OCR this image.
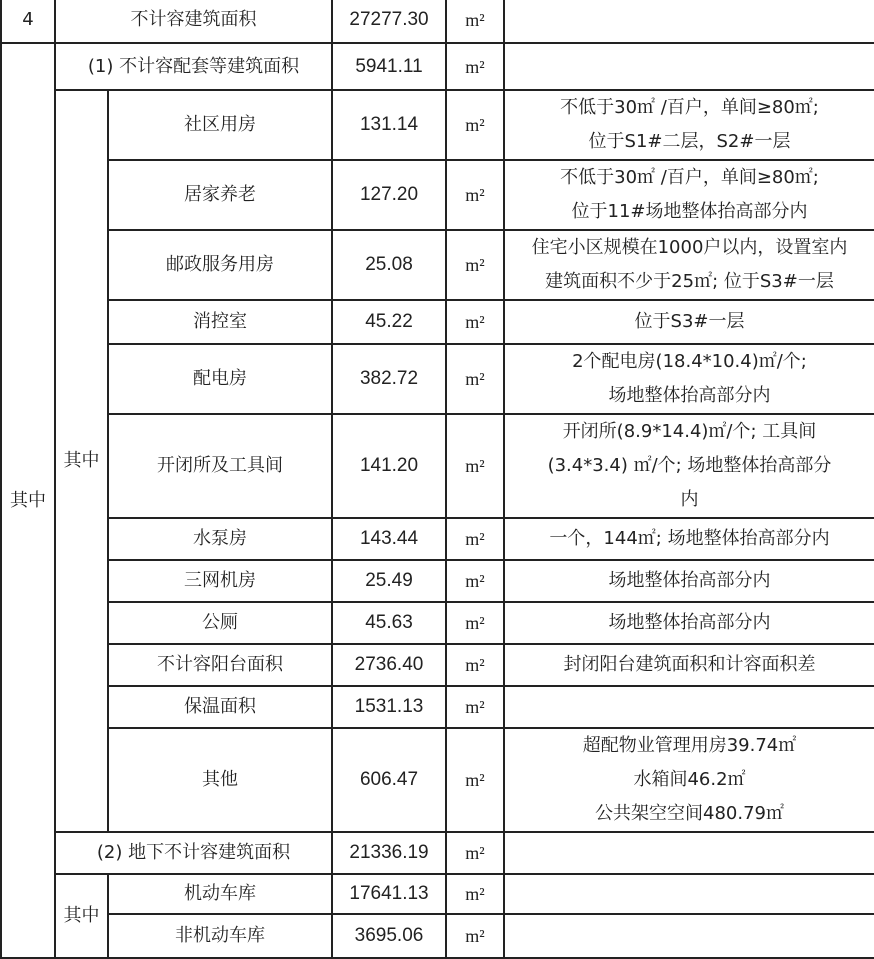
4	不计容建筑面积		27277.30	m²	
其中	(1) 不计容配套等建筑面积		5941.11	m²	
	其中	社区用房	131.14	m²	不低于30㎡ /百户，单间≥80㎡;
位于S1#二层，S2#一层

		居家养老	127.20	m²	不低于30㎡ /百户，单间≥80㎡;
位于11#场地整体抬高部分内

		邮政服务用房	25.08	m²	住宅小区规模在1000户以内，设置室内
建筑面积不少于25㎡; 位于S3#一层

		消控室	45.22	m²	位于S3#一层

		配电房	382.72	m²	2个配电房(18.4*10.4)㎡/个;
场地整体抬高部分内

		开闭所及工具间	141.20	m²	开闭所(8.9*14.4)㎡/个; 工具间
(3.4*3.4) ㎡/个; 场地整体抬高部分
内

		水泵房	143.44	m²	一个，144㎡; 场地整体抬高部分内

		三网机房	25.49	m²	场地整体抬高部分内

		公厕	45.63	m²	场地整体抬高部分内

		不计容阳台面积	2736.40	m²	封闭阳台建筑面积和计容面积差

		保温面积	1531.13	m²	
		其他	606.47	m²	超配物业管理用房39.74㎡
水箱间46.2㎡
公共架空空间480.79㎡

	(2) 地下不计容建筑面积		21336.19	m²	
	其中	机动车库	17641.13	m²	
		非机动车库	3695.06	m²	
